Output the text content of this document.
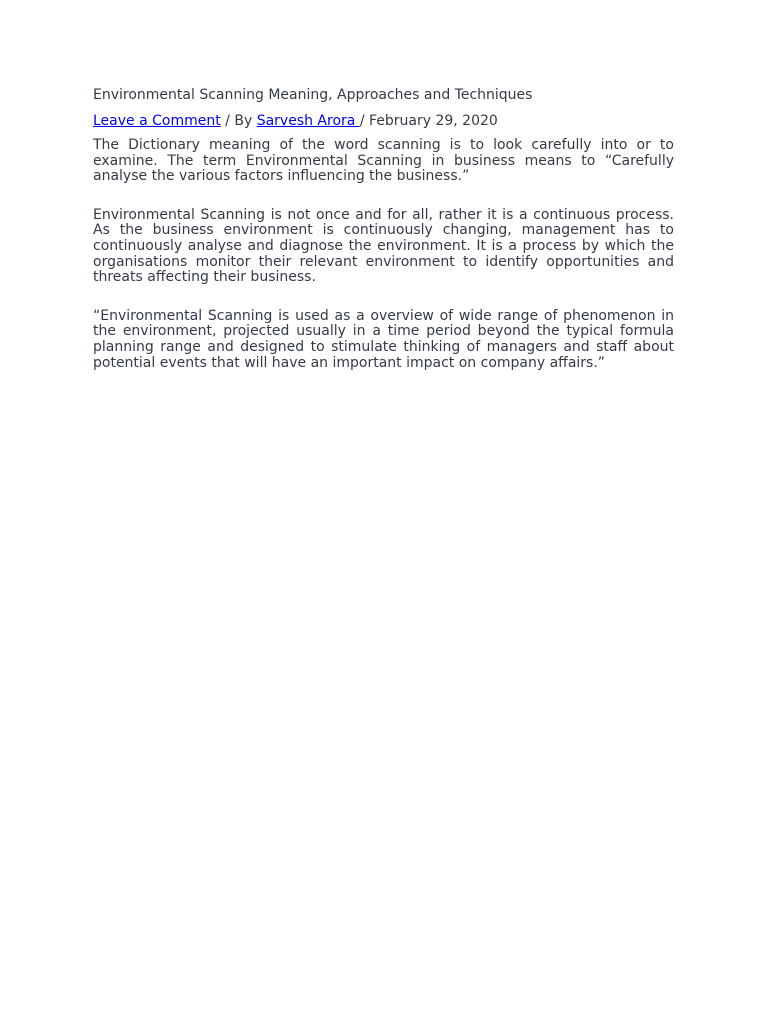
Environmental Scanning Meaning, Approaches and Techniques
Leave a Comment / By Sarvesh Arora / February 29, 2020

The Dictionary meaning of the word scanning is to look carefully into or to examine. The term Environmental Scanning in business means to “Carefully analyse the various factors influencing the business.”

Environmental Scanning is not once and for all, rather it is a continuous process. As the business environment is continuously changing, management has to continuously analyse and diagnose the environment. It is a process by which the organisations monitor their relevant environment to identify opportunities and threats affecting their business.

“Environmental Scanning is used as a overview of wide range of phenomenon in the environment, projected usually in a time period beyond the typical formula planning range and designed to stimulate thinking of managers and staff about potential events that will have an important impact on company affairs.”
